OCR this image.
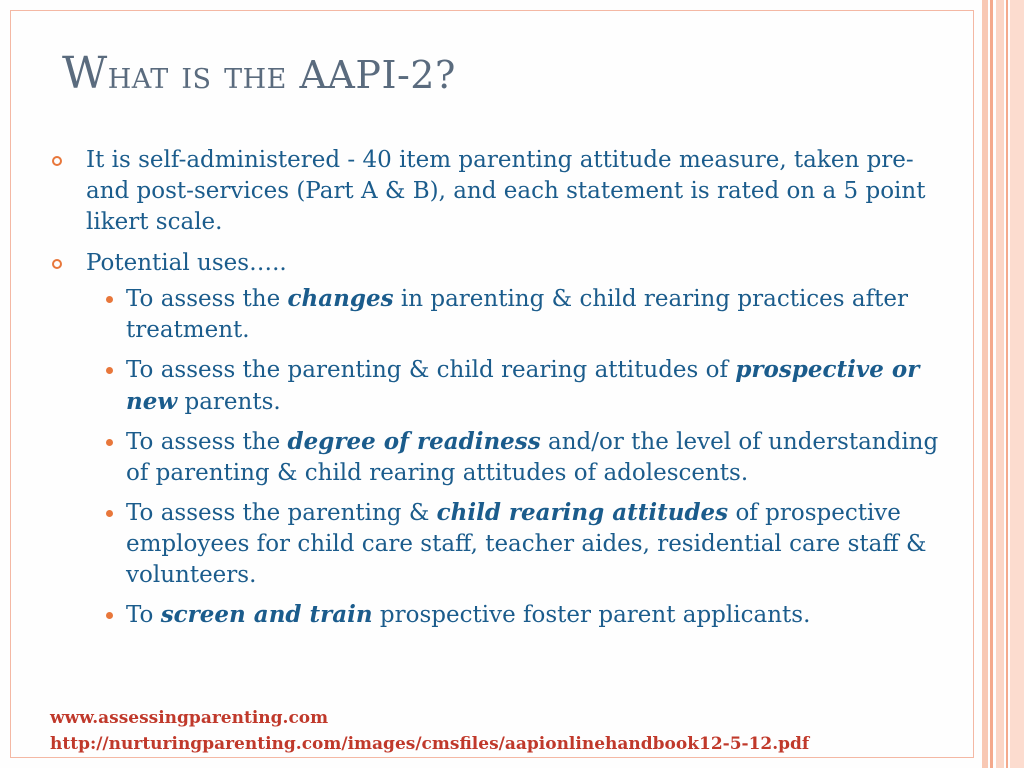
What is the AAPI-2?
It is self-administered - 40 item parenting attitude measure, taken pre- and post-services (Part A & B), and each statement is rated on a 5 point likert scale.
Potential uses…..
To assess the changes in parenting & child rearing practices after treatment.
To assess the parenting & child rearing attitudes of prospective or new parents.
To assess the degree of readiness and/or the level of understanding of parenting & child rearing attitudes of adolescents.
To assess the parenting & child rearing attitudes of prospective employees for child care staff, teacher aides, residential care staff & volunteers.
To screen and train prospective foster parent applicants.
www.assessingparenting.com
http://nurturingparenting.com/images/cmsfiles/aapionlinehandbook12-5-12.pdf
